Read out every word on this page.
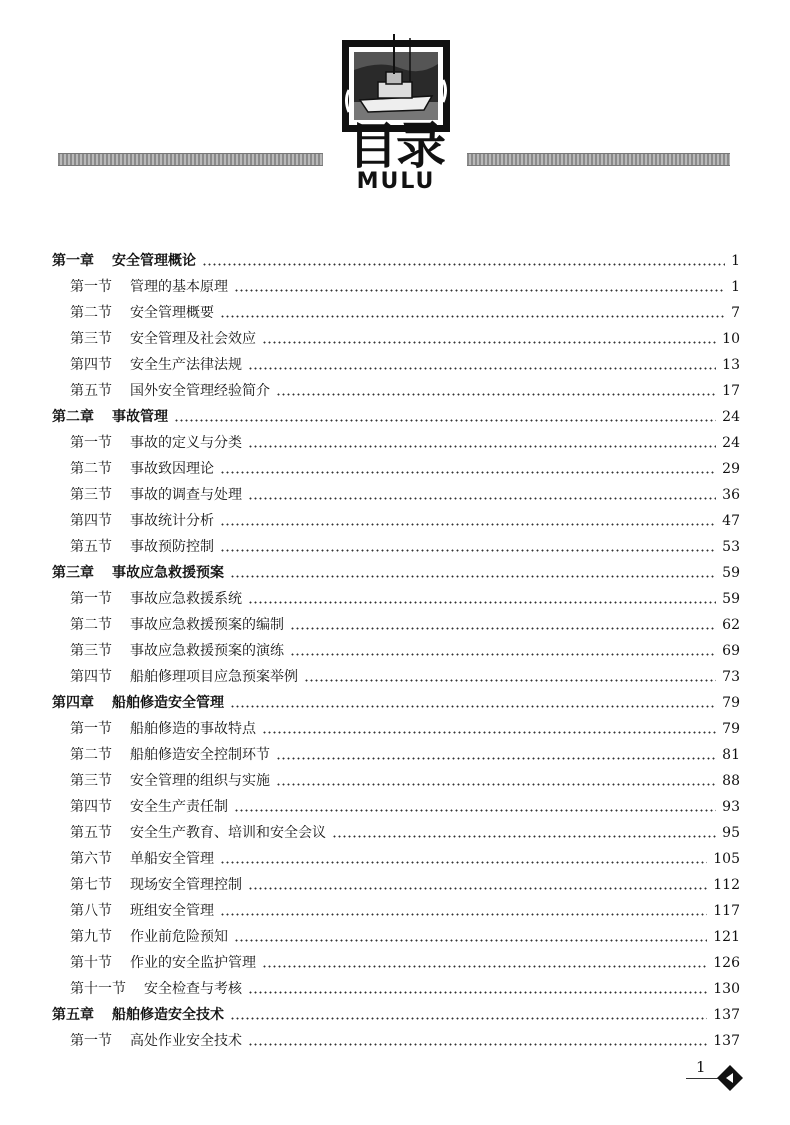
目录
MULU
第一章 安全管理概论	1
第一节 管理的基本原理	1
第二节 安全管理概要	7
第三节 安全管理及社会效应	10
第四节 安全生产法律法规	13
第五节 国外安全管理经验简介	17
第二章 事故管理	24
第一节 事故的定义与分类	24
第二节 事故致因理论	29
第三节 事故的调查与处理	36
第四节 事故统计分析	47
第五节 事故预防控制	53
第三章 事故应急救援预案	59
第一节 事故应急救援系统	59
第二节 事故应急救援预案的编制	62
第三节 事故应急救援预案的演练	69
第四节 船舶修理项目应急预案举例	73
第四章 船舶修造安全管理	79
第一节 船舶修造的事故特点	79
第二节 船舶修造安全控制环节	81
第三节 安全管理的组织与实施	88
第四节 安全生产责任制	93
第五节 安全生产教育、培训和安全会议	95
第六节 单船安全管理	105
第七节 现场安全管理控制	112
第八节 班组安全管理	117
第九节 作业前危险预知	121
第十节 作业的安全监护管理	126
第十一节 安全检查与考核	130
第五章 船舶修造安全技术	137
第一节 高处作业安全技术	137
1
